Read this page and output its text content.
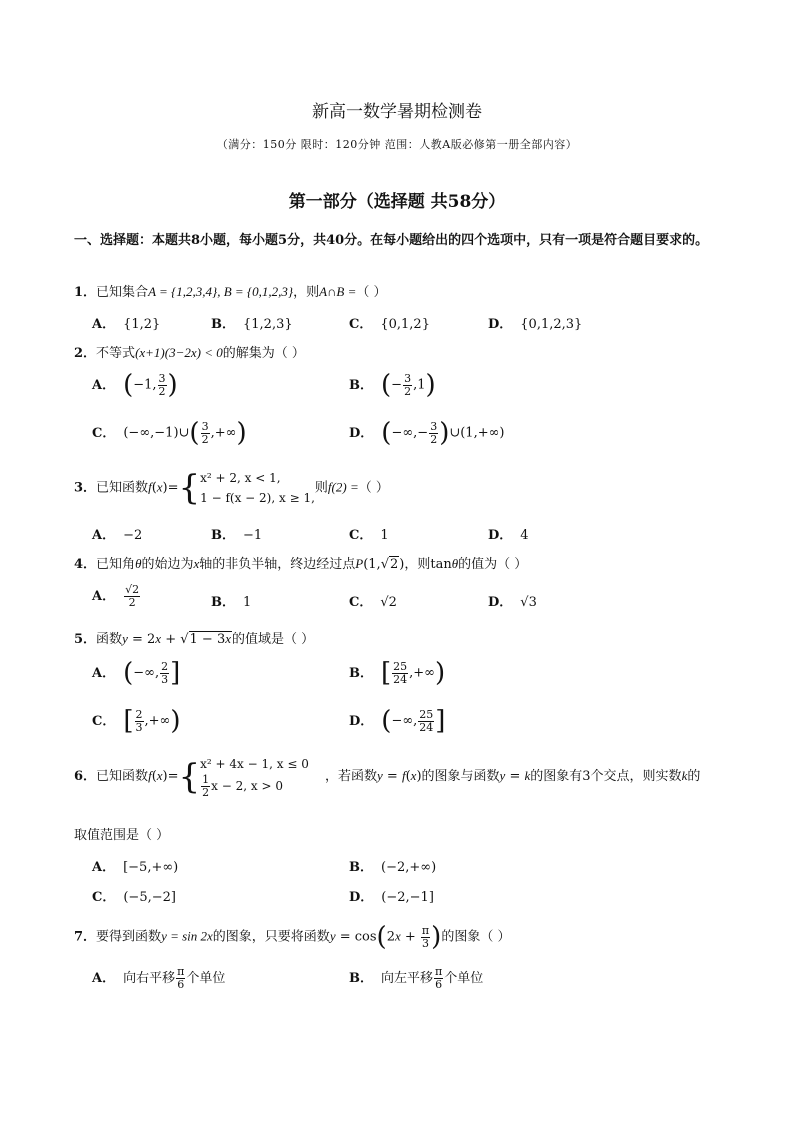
新高一数学暑期检测卷
（满分：150分 限时：120分钟 范围：人教A版必修第一册全部内容）
第一部分（选择题 共58分）
一、选择题：本题共8小题，每小题5分，共40分。在每小题给出的四个选项中，只有一项是符合题目要求的。
1．已知集合A = {1,2,3,4}, B = {0,1,2,3}，则A∩B =（ ）
A． {1,2}	B． {1,2,3}	C． {0,1,2}	D． {0,1,2,3}
2．不等式(x+1)(3−2x) < 0的解集为（ ）
A． (−1, $\frac{3}{2}$ )	B． (− $\frac{3}{2} ,1$)
C． (−∞,−1)∪( $\frac{3}{2}$ ,+∞)	D． (−∞,− $\frac{3}{2}$ )∪(1,+∞)
3．已知函数f(x)={ x² + 2, x < 1,
1 − f(x − 2), x ≥ 1,
则f(2) =（ ）
A． −2	B． −1	C． 1	D． 4
4．已知角θ的始边为x轴的非负半轴，终边经过点P(1,√2)，则tanθ的值为（ ）
A． $\frac{√2}{2}$	B． 1	C． √2	D． √3
5．函数y = 2x + √1 − 3x的值域是（ ）
A． (−∞, $\frac{2}{3}$ ]	B． [ $\frac{25}{24}$ ,+∞)
C． [ $\frac{2}{3}$ ,+∞)	D． (−∞, $\frac{25}{24}$ ]
6．已知函数f(x)={ x² + 4x − 1, x ≤ 0
$\frac{1}{2}$ x − 2, x > 0
，若函数y = f(x)的图象与函数y = k的图象有3个交点，则实数k的
取值范围是（ ）
A． [−5,+∞)	B． (−2,+∞)
C． (−5,−2]	D． (−2,−1]
7．要得到函数y = sin 2x的图象，只要将函数$y = \cos(2x + \frac{\pi}{3}$ )的图象（ ）
A． 向右平移 $\frac{\pi}{6}$ 个单位	B． 向左平移 $\frac{\pi}{6}$ 个单位
